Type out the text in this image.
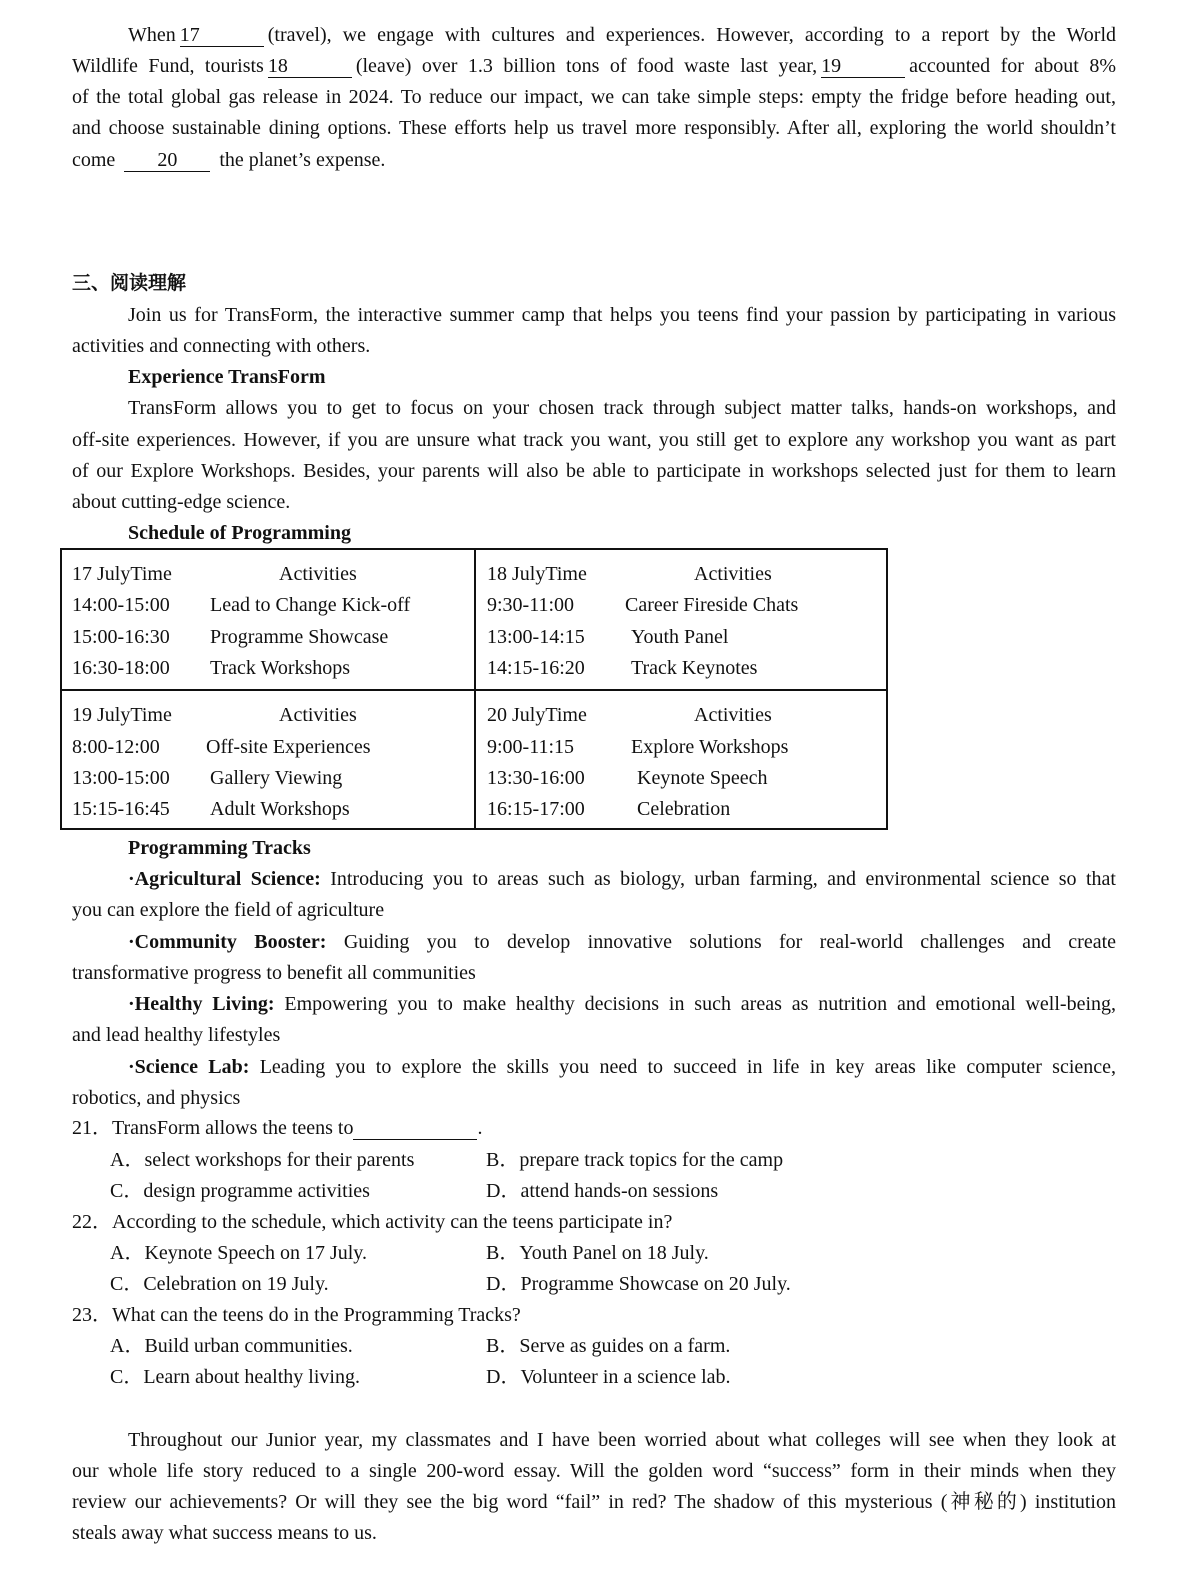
When 17	(travel), we engage with cultures and experiences. However, according to a report by the World
Wildlife Fund, tourists 18	(leave) over 1.3 billion tons of food waste last year, 19	accounted for about 8%
of the total global gas release in 2024. To reduce our impact, we can take simple steps: empty the fridge before heading out,
and choose sustainable dining options. These efforts help us travel more responsibly. After all, exploring the world shouldn’t
come 20 the planet’s expense.
三、阅读理解
Join us for TransForm, the interactive summer camp that helps you teens find your passion by participating in various
activities and connecting with others.
Experience TransForm
TransForm allows you to get to focus on your chosen track through subject matter talks, hands-on workshops, and
off-site experiences. However, if you are unsure what track you want, you still get to explore any workshop you want as part
of our Explore Workshops. Besides, your parents will also be able to participate in workshops selected just for them to learn
about cutting-edge science.
Schedule of Programming
17 JulyTime	Activities
14:00-15:00 Lead to Change Kick-off
15:00-16:30 Programme Showcase
16:30-18:00 Track Workshops
18 JulyTime	Activities
9:30-11:00	Career Fireside Chats
13:00-14:15 Youth Panel
14:15-16:20 Track Keynotes
19 JulyTime	Activities
8:00-12:00 Off-site Experiences
13:00-15:00 Gallery Viewing
15:15-16:45 Adult Workshops
20 JulyTime	Activities
9:00-11:15	Explore Workshops
13:30-16:00	Keynote Speech
16:15-17:00	Celebration
Programming Tracks
·Agricultural Science: Introducing you to areas such as biology, urban farming, and environmental science so that
you can explore the field of agriculture
·Community Booster: Guiding you to develop innovative solutions for real-world challenges and create
transformative progress to benefit all communities
·Healthy Living: Empowering you to make healthy decisions in such areas as nutrition and emotional well-being,
and lead healthy lifestyles
·Science Lab: Leading you to explore the skills you need to succeed in life in key areas like computer science,
robotics, and physics
21．TransForm allows the teens to	.
A．select workshops for their parents	B．prepare track topics for the camp
C．design programme activities	D．attend hands-on sessions
22．According to the schedule, which activity can the teens participate in?
A．Keynote Speech on 17 July.	B．Youth Panel on 18 July.
C．Celebration on 19 July.	D．Programme Showcase on 20 July.
23．What can the teens do in the Programming Tracks?
A．Build urban communities.	B．Serve as guides on a farm.
C．Learn about healthy living.	D．Volunteer in a science lab.
Throughout our Junior year, my classmates and I have been worried about what colleges will see when they look at
our whole life story reduced to a single 200-word essay. Will the golden word “success” form in their minds when they
review our achievements? Or will they see the big word “fail” in red? The shadow of this mysterious (神秘的) institution
steals away what success means to us.
